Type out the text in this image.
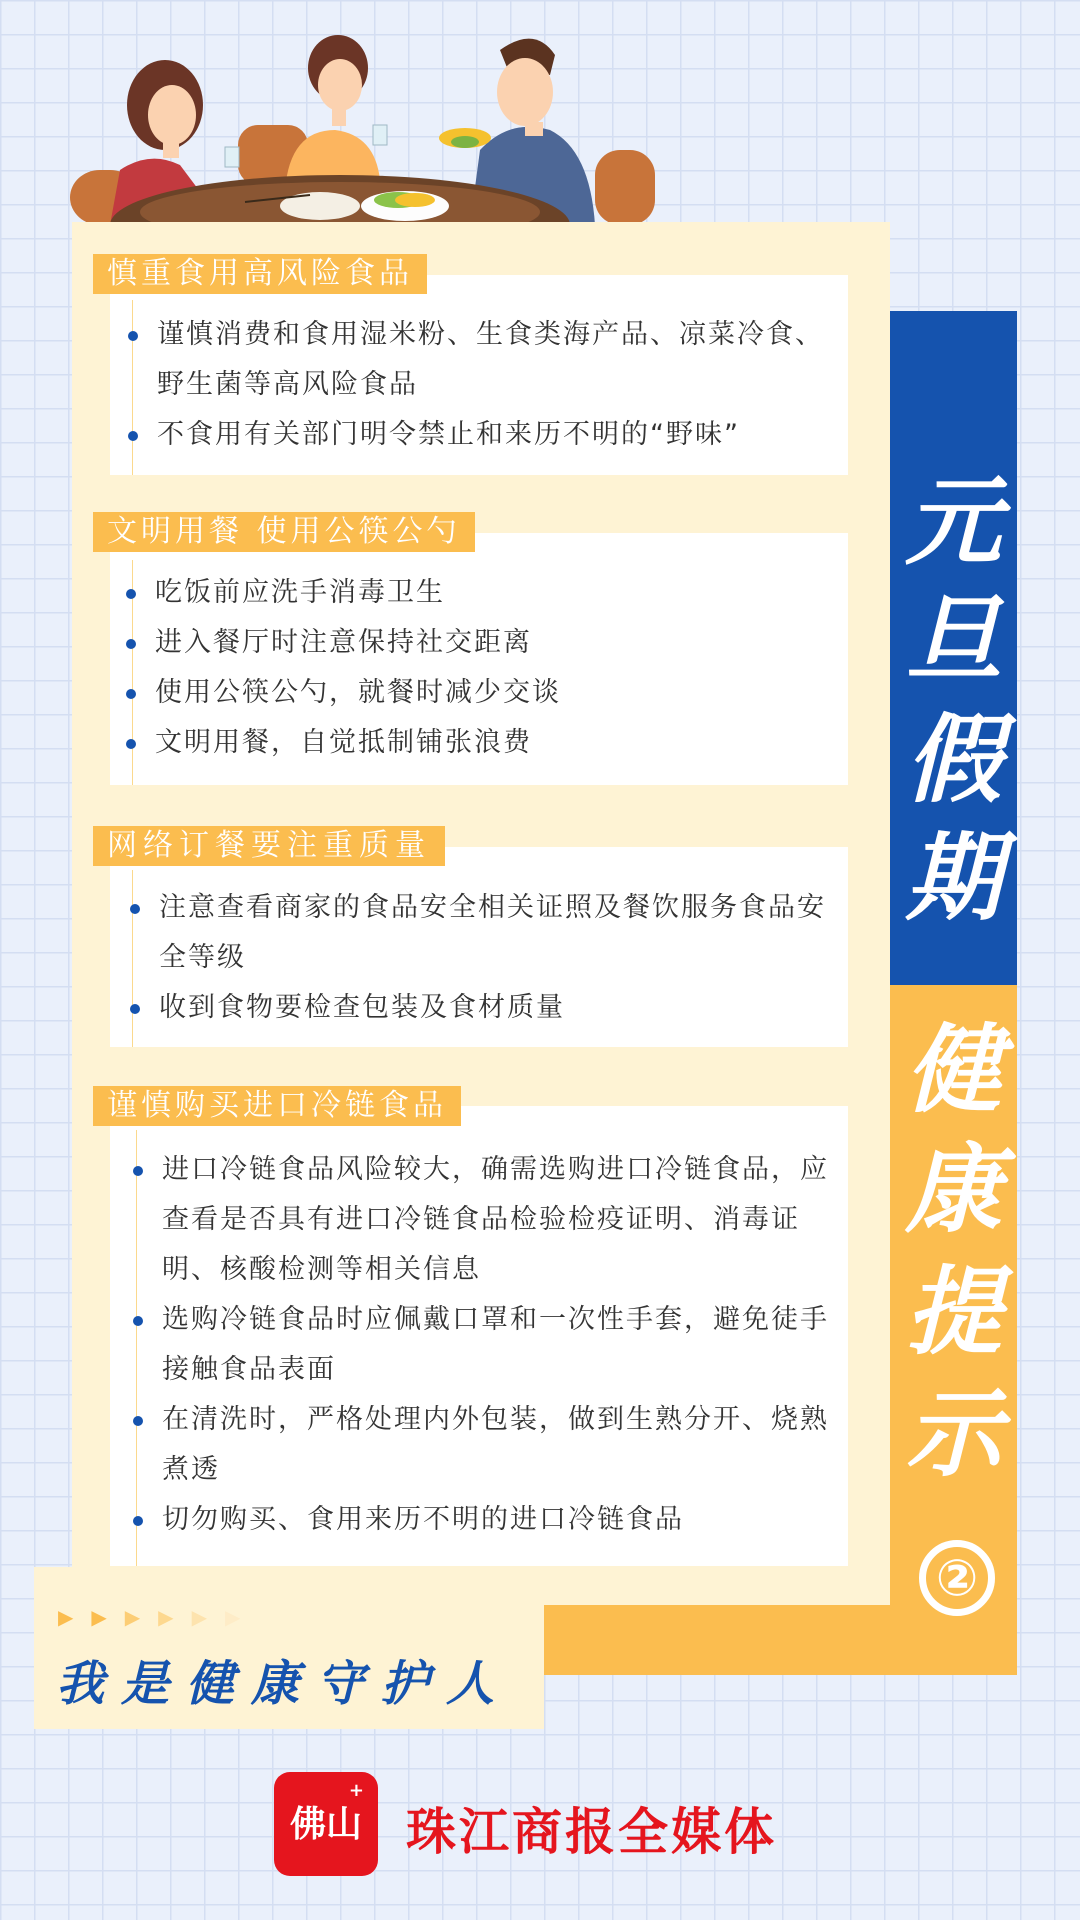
元
旦
假
期
健
康
提
示
②
慎重食用高风险食品
谨慎消费和食用湿米粉、生食类海产品、凉菜冷食、野生菌等高风险食品
不食用有关部门明令禁止和来历不明的“野味”
文明用餐 使用公筷公勺
吃饭前应洗手消毒卫生
进入餐厅时注意保持社交距离
使用公筷公勺，就餐时减少交谈
文明用餐，自觉抵制铺张浪费
网络订餐要注重质量
注意查看商家的食品安全相关证照及餐饮服务食品安全等级
收到食物要检查包装及食材质量
谨慎购买进口冷链食品
进口冷链食品风险较大，确需选购进口冷链食品，应查看是否具有进口冷链食品检验检疫证明、消毒证明、核酸检测等相关信息
选购冷链食品时应佩戴口罩和一次性手套，避免徒手接触食品表面
在清洗时，严格处理内外包装，做到生熟分开、烧熟煮透
切勿购买、食用来历不明的进口冷链食品
▶▶▶▶▶▶
我是健康守护人
佛山
+
珠江商报全媒体
